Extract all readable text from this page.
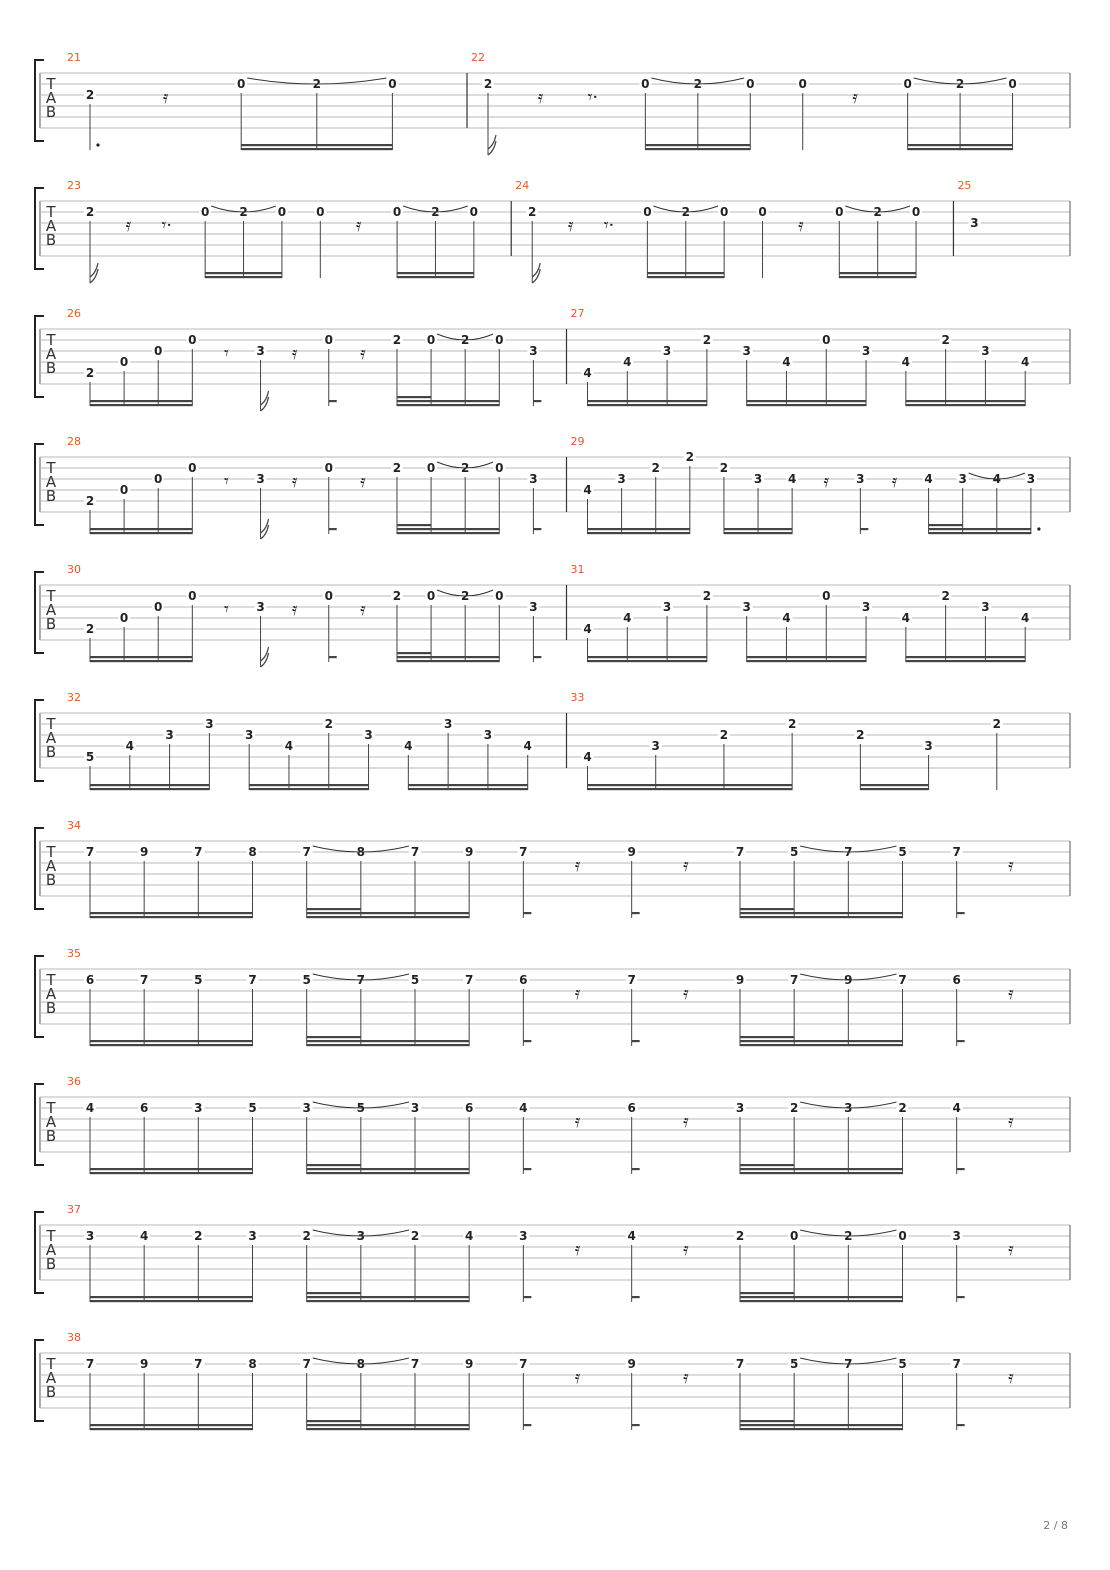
T
A
B
21
2	𝄿
0	2	0
22
2
𝄿 𝄾·
0	2	0	0
𝄿
0	2	0
T
A
B
23
2
𝄿 𝄾·
0	2	0	0
𝄿
0	2	0
24
2
𝄿 𝄾·
0	2	0	0
𝄿
0	2	0
25
3
T
A
B
26
2
0
0
0
𝄾 3 𝄿
0
𝄿
2 0 2 0
3
27
4
4
3
2
3
4
0
3
4
2
3
4
T
A
B
28
2
0
0
0
𝄾 3 𝄿
0
𝄿
2 0 2 0
3
29
4
3
2
2
2
3 4 𝄿 3 𝄿 4 3 4 3
T
A
B
30
2
0
0
0
𝄾 3 𝄿
0
𝄿
2 0 2 0
3
31
4
4
3
2
3
4
0
3
4
2
3
4
T
A
B
32
5
4
3
3
3
4
2
3
4
3
3
4
33
4
3
2
2
2
3
2
T
A
B
34
7	9	7	8	7	8	7	9	7
𝄿
9
𝄿
7	5	7	5	7
𝄿
T
A
B
35
6	7	5	7	5	7	5	7	6
𝄿
7
𝄿
9	7	9	7	6
𝄿
T
A
B
36
4	6	3	5	3	5	3	6	4
𝄿
6
𝄿
3	2	3	2	4
𝄿
T
A
B
37
3	4	2	3	2	3	2	4	3
𝄿
4
𝄿
2	0	2	0	3
𝄿
T
A
B
38
7	9	7	8	7	8	7	9	7
𝄿
9
𝄿
7	5	7	5	7
𝄿
2 / 8
